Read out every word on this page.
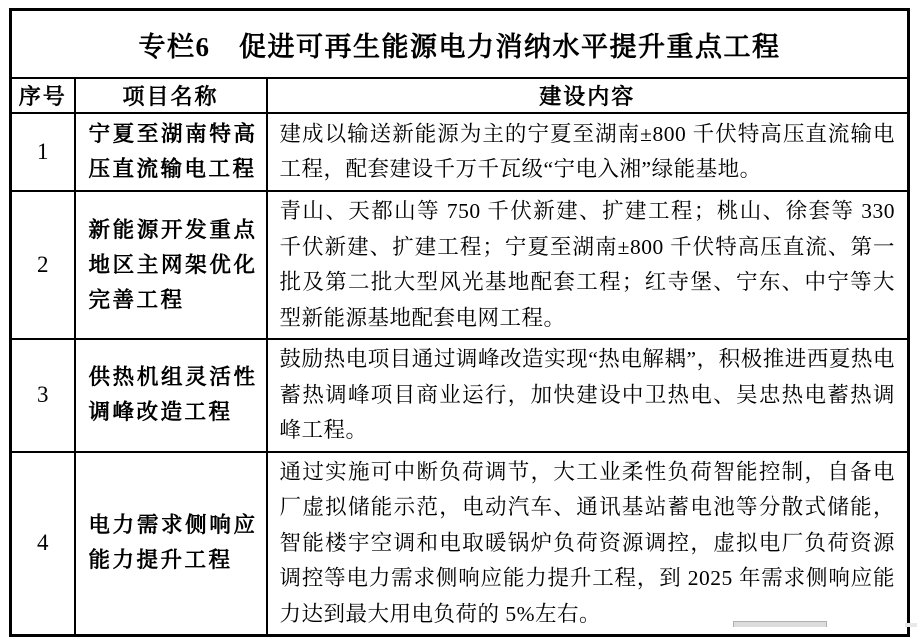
专栏6　促进可再生能源电力消纳水平提升重点工程		
序号	项目名称	建设内容
1	宁夏至湖南特高压直流输电工程	建成以输送新能源为主的宁夏至湖南±800 千伏特高压直流输电工程，配套建设千万千瓦级“宁电入湘”绿能基地。
2	新能源开发重点地区主网架优化完善工程	青山、天都山等 750 千伏新建、扩建工程；桃山、徐套等 330 千伏新建、扩建工程；宁夏至湖南±800 千伏特高压直流、第一批及第二批大型风光基地配套工程；红寺堡、宁东、中宁等大型新能源基地配套电网工程。
3	供热机组灵活性调峰改造工程	鼓励热电项目通过调峰改造实现“热电解耦”，积极推进西夏热电蓄热调峰项目商业运行，加快建设中卫热电、吴忠热电蓄热调峰工程。
4	电力需求侧响应能力提升工程	通过实施可中断负荷调节，大工业柔性负荷智能控制，自备电厂虚拟储能示范，电动汽车、通讯基站蓄电池等分散式储能，智能楼宇空调和电取暖锅炉负荷资源调控，虚拟电厂负荷资源调控等电力需求侧响应能力提升工程，到 2025 年需求侧响应能力达到最大用电负荷的 5%左右。
